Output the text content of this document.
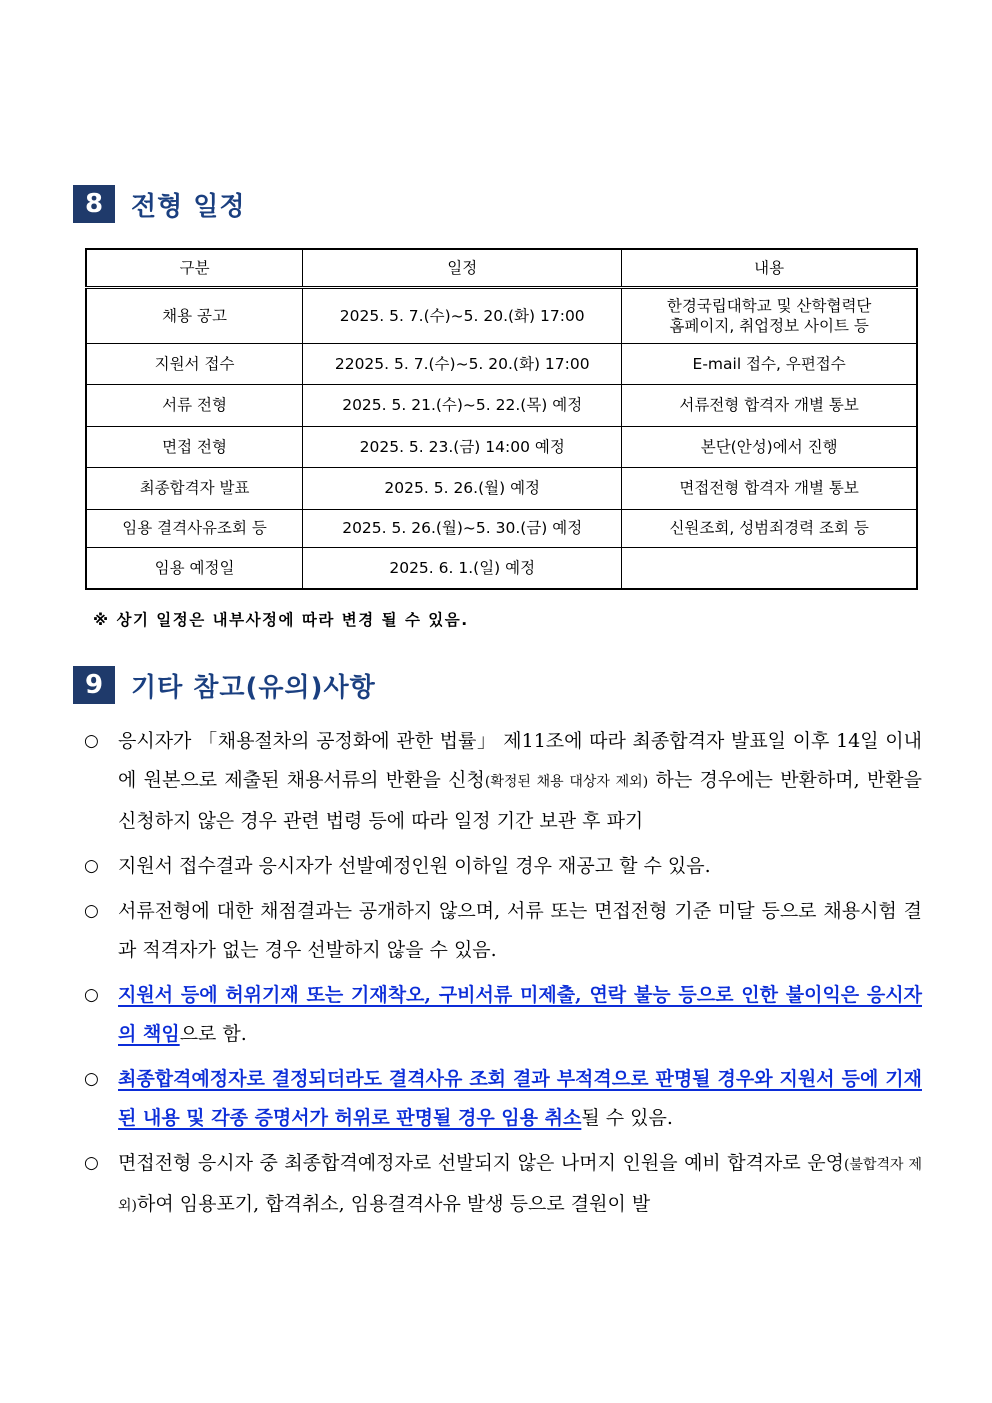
8	전형 일정
구분	일정	내용
채용 공고	2025. 5. 7.(수)~5. 20.(화) 17:00	한경국립대학교 및 산학협력단
홈페이지, 취업정보 사이트 등

지원서 접수	22025. 5. 7.(수)~5. 20.(화) 17:00	E-mail 접수, 우편접수
서류 전형	2025. 5. 21.(수)~5. 22.(목) 예정	서류전형 합격자 개별 통보
면접 전형	2025. 5. 23.(금) 14:00 예정	본단(안성)에서 진행
최종합격자 발표	2025. 5. 26.(월) 예정	면접전형 합격자 개별 통보
임용 결격사유조회 등	2025. 5. 26.(월)~5. 30.(금) 예정	신원조회, 성범죄경력 조회 등
임용 예정일	2025. 6. 1.(일) 예정	
※ 상기 일정은 내부사정에 따라 변경 될 수 있음.
9	기타 참고(유의)사항
○ 응시자가 「채용절차의 공정화에 관한 법률」 제11조에 따라 최종합격자 발표일 이후 14일 이내에 원본으로 제출된 채용서류의 반환을 신청(확정된 채용 대상자 제외) 하는 경우에는 반환하며, 반환을 신청하지 않은 경우 관련 법령 등에 따라 일정 기간 보관 후 파기
○ 지원서 접수결과 응시자가 선발예정인원 이하일 경우 재공고 할 수 있음.
○ 서류전형에 대한 채점결과는 공개하지 않으며, 서류 또는 면접전형 기준 미달 등으로 채용시험 결과 적격자가 없는 경우 선발하지 않을 수 있음.
○ 지원서 등에 허위기재 또는 기재착오, 구비서류 미제출, 연락 불능 등으로 인한 불이익은 응시자의 책임으로 함.
○ 최종합격예정자로 결정되더라도 결격사유 조회 결과 부적격으로 판명될 경우와 지원서 등에 기재된 내용 및 각종 증명서가 허위로 판명될 경우 임용 취소될 수 있음.
○ 면접전형 응시자 중 최종합격예정자로 선발되지 않은 나머지 인원을 예비 합격자로 운영(불합격자 제외)하여 임용포기, 합격취소, 임용결격사유 발생 등으로 결원이 발
